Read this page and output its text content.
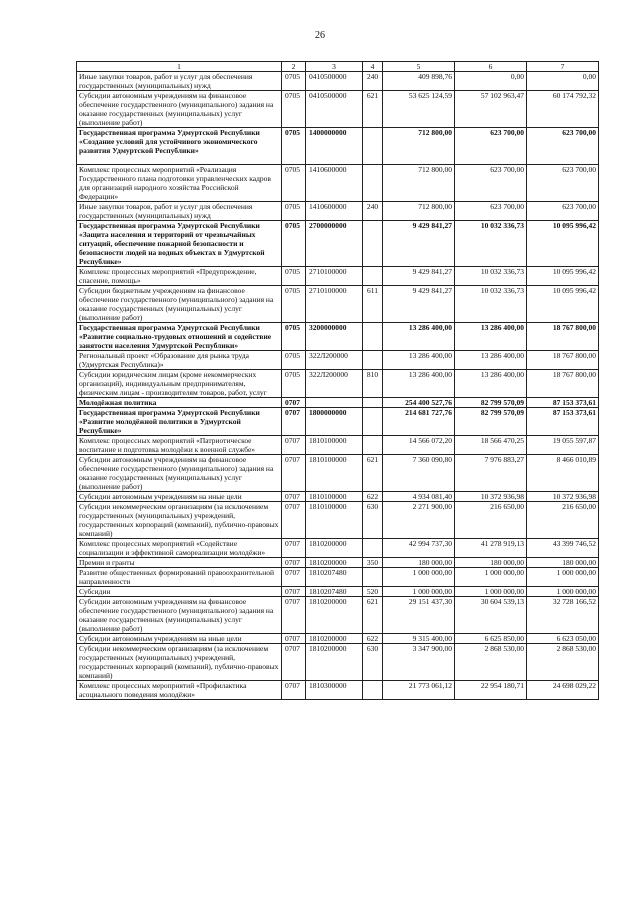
26
1	2	3	4	5	6	7
Иные закупки товаров, работ и услуг для обеспечения государственных (муниципальных) нужд	0705	0410500000	240	409 898,76	0,00	0,00
Субсидии автономным учреждениям на финансовое обеспечение государственного (муниципального) задания на оказание государственных (муниципальных) услуг (выполнение работ)	0705	0410500000	621	53 625 124,59	57 102 963,47	60 174 792,32
Государственная программа Удмуртской Республики «Создание условий для устойчивого экономического развития Удмуртской Республики»	0705	1400000000		712 800,00	623 700,00	623 700,00
Комплекс процессных мероприятий «Реализация Государственного плана подготовки управленческих кадров для организаций народного хозяйства Российской Федерации»	0705	1410600000		712 800,00	623 700,00	623 700,00
Иные закупки товаров, работ и услуг для обеспечения государственных (муниципальных) нужд	0705	1410600000	240	712 800,00	623 700,00	623 700,00
Государственная программа Удмуртской Республики «Защита населения и территорий от чрезвычайных ситуаций, обеспечение пожарной безопасности и безопасности людей на водных объектах в Удмуртской Республике»	0705	2700000000		9 429 841,27	10 032 336,73	10 095 996,42
Комплекс процессных мероприятий «Предупреждение, спасение, помощь»	0705	2710100000		9 429 841,27	10 032 336,73	10 095 996,42
Субсидии бюджетным учреждениям на финансовое обеспечение государственного (муниципального) задания на оказание государственных (муниципальных) услуг (выполнение работ)	0705	2710100000	611	9 429 841,27	10 032 336,73	10 095 996,42
Государственная программа Удмуртской Республики «Развитие социально-трудовых отношений и содействие занятости населения Удмуртской Республики»	0705	3200000000		13 286 400,00	13 286 400,00	18 767 800,00
Региональный проект «Образование для рынка труда (Удмуртская Республика)»	0705	322Л200000		13 286 400,00	13 286 400,00	18 767 800,00
Субсидии юридическим лицам (кроме некоммерческих организаций), индивидуальным предпринимателям, физическим лицам - производителям товаров, работ, услуг	0705	322Л200000	810	13 286 400,00	13 286 400,00	18 767 800,00
Молодёжная политика	0707			254 400 527,76	82 799 570,09	87 153 373,61
Государственная программа Удмуртской Республики «Развитие молодёжной политики в Удмуртской Республике»	0707	1800000000		214 681 727,76	82 799 570,09	87 153 373,61
Комплекс процессных мероприятий «Патриотическое воспитание и подготовка молодёжи к военной службе»	0707	1810100000		14 566 072,20	18 566 470,25	19 055 597,87
Субсидии автономным учреждениям на финансовое обеспечение государственного (муниципального) задания на оказание государственных (муниципальных) услуг (выполнение работ)	0707	1810100000	621	7 360 090,80	7 976 883,27	8 466 010,89
Субсидии автономным учреждениям на иные цели	0707	1810100000	622	4 934 081,40	10 372 936,98	10 372 936,98
Субсидии некоммерческим организациям (за исключением государственных (муниципальных) учреждений, государственных корпораций (компаний), публично-правовых компаний)	0707	1810100000	630	2 271 900,00	216 650,00	216 650,00
Комплекс процессных мероприятий «Содействие социализации и эффективной самореализации молодёжи»	0707	1810200000		42 994 737,30	41 278 919,13	43 399 746,52
Премии и гранты	0707	1810200000	350	180 000,00	180 000,00	180 000,00
Развитие общественных формирований правоохранительной направленности	0707	1810207480		1 000 000,00	1 000 000,00	1 000 000,00
Субсидии	0707	1810207480	520	1 000 000,00	1 000 000,00	1 000 000,00
Субсидии автономным учреждениям на финансовое обеспечение государственного (муниципального) задания на оказание государственных (муниципальных) услуг (выполнение работ)	0707	1810200000	621	29 151 437,30	30 604 539,13	32 728 166,52
Субсидии автономным учреждениям на иные цели	0707	1810200000	622	9 315 400,00	6 625 850,00	6 623 050,00
Субсидии некоммерческим организациям (за исключением государственных (муниципальных) учреждений, государственных корпораций (компаний), публично-правовых компаний)	0707	1810200000	630	3 347 900,00	2 868 530,00	2 868 530,00
Комплекс процессных мероприятий «Профилактика асоциального поведения молодёжи»	0707	1810300000		21 773 061,12	22 954 180,71	24 698 029,22
